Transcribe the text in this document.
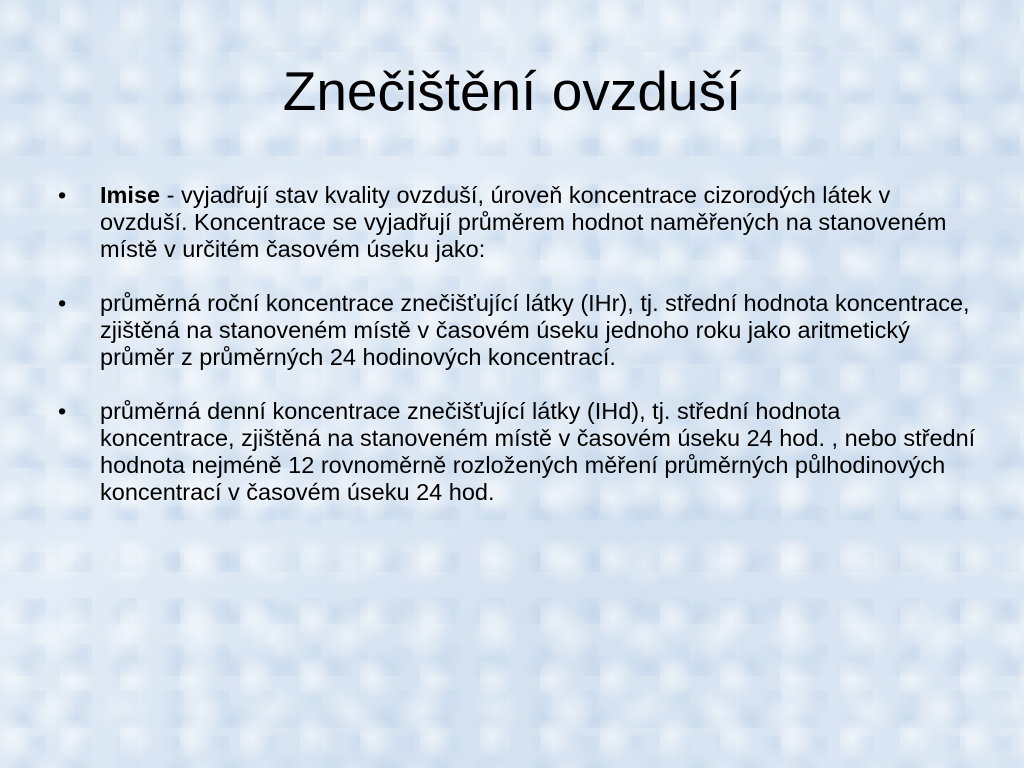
Znečištění ovzduší
•	Imise - vyjadřují stav kvality ovzduší, úroveň koncentrace cizorodých látek v ovzduší. Koncentrace se vyjadřují průměrem hodnot naměřených na stanoveném místě v určitém časovém úseku jako:
•	průměrná roční koncentrace znečišťující látky (IHr), tj. střední hodnota koncentrace, zjištěná na stanoveném místě v časovém úseku jednoho roku jako aritmetický průměr z průměrných 24 hodinových koncentrací.
•	průměrná denní koncentrace znečišťující látky (IHd), tj. střední hodnota koncentrace, zjištěná na stanoveném místě v časovém úseku 24 hod. , nebo střední hodnota nejméně 12 rovnoměrně rozložených měření průměrných půlhodinových koncentrací v časovém úseku 24 hod.
